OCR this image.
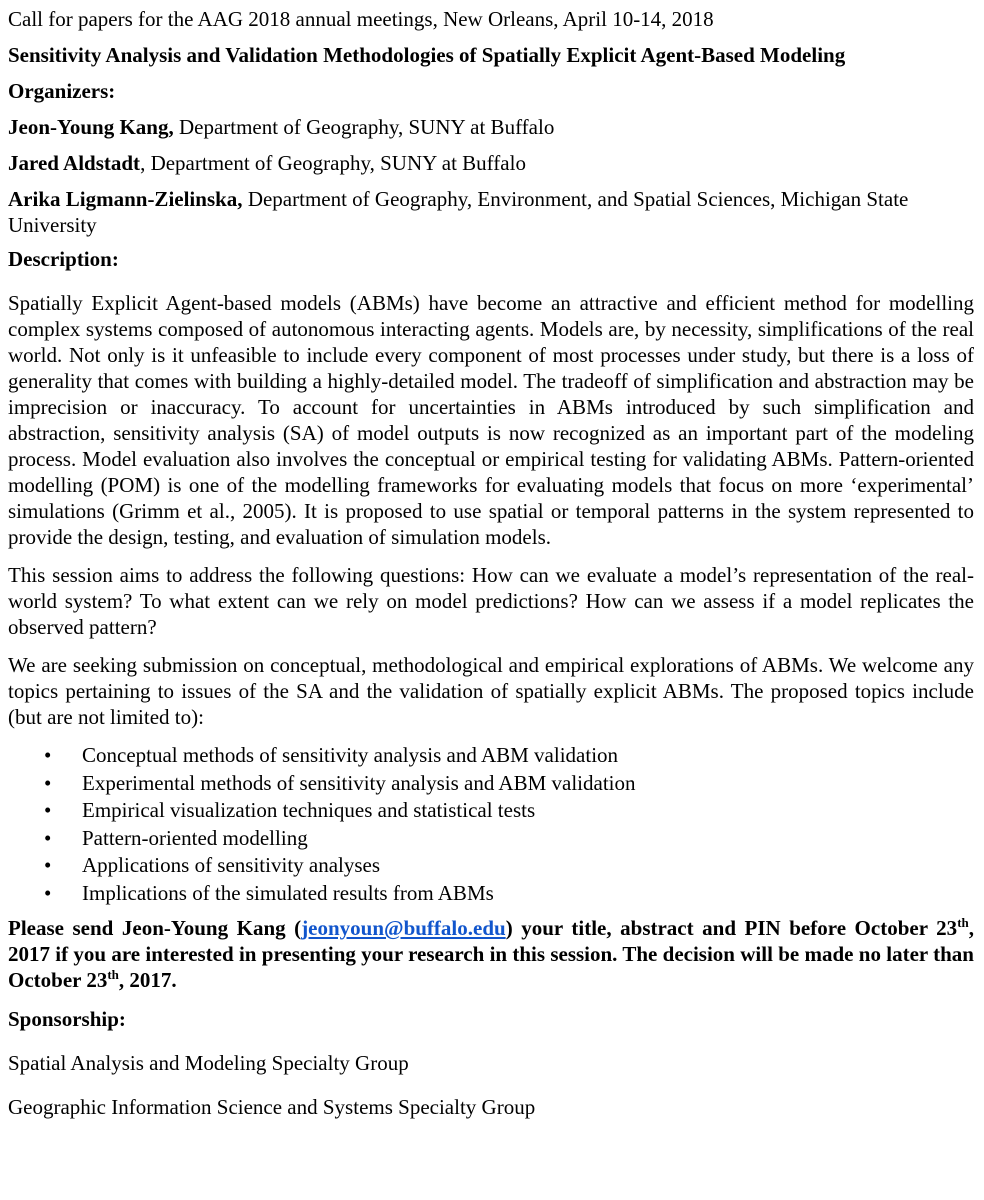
Call for papers for the AAG 2018 annual meetings, New Orleans, April 10-14, 2018

Sensitivity Analysis and Validation Methodologies of Spatially Explicit Agent-Based Modeling

Organizers:

Jeon-Young Kang, Department of Geography, SUNY at Buffalo

Jared Aldstadt, Department of Geography, SUNY at Buffalo

Arika Ligmann-Zielinska, Department of Geography, Environment, and Spatial Sciences, Michigan State University

Description:

Spatially Explicit Agent-based models (ABMs) have become an attractive and efficient method for modelling complex systems composed of autonomous interacting agents. Models are, by necessity, simplifications of the real world. Not only is it unfeasible to include every component of most processes under study, but there is a loss of generality that comes with building a highly-detailed model. The tradeoff of simplification and abstraction may be imprecision or inaccuracy. To account for uncertainties in ABMs introduced by such simplification and abstraction, sensitivity analysis (SA) of model outputs is now recognized as an important part of the modeling process. Model evaluation also involves the conceptual or empirical testing for validating ABMs. Pattern-oriented modelling (POM) is one of the modelling frameworks for evaluating models that focus on more ‘experimental’ simulations (Grimm et al., 2005). It is proposed to use spatial or temporal patterns in the system represented to provide the design, testing, and evaluation of simulation models.

This session aims to address the following questions: How can we evaluate a model’s representation of the real-world system? To what extent can we rely on model predictions? How can we assess if a model replicates the observed pattern?

We are seeking submission on conceptual, methodological and empirical explorations of ABMs. We welcome any topics pertaining to issues of the SA and the validation of spatially explicit ABMs. The proposed topics include (but are not limited to):

• Conceptual methods of sensitivity analysis and ABM validation
• Experimental methods of sensitivity analysis and ABM validation
• Empirical visualization techniques and statistical tests
• Pattern-oriented modelling
• Applications of sensitivity analyses
• Implications of the simulated results from ABMs

Please send Jeon-Young Kang (jeonyoun@buffalo.edu) your title, abstract and PIN before October 23th, 2017 if you are interested in presenting your research in this session. The decision will be made no later than October 23th, 2017.

Sponsorship:

Spatial Analysis and Modeling Specialty Group

Geographic Information Science and Systems Specialty Group
